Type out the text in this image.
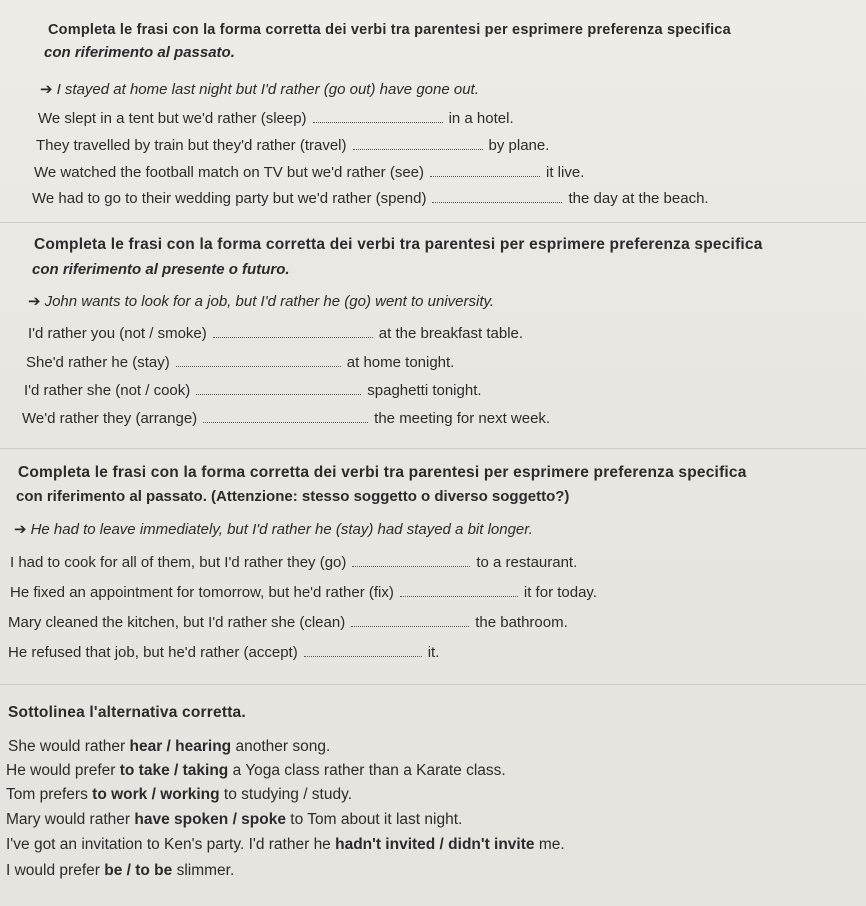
Completa le frasi con la forma corretta dei verbi tra parentesi per esprimere preferenza specifica
con riferimento al passato.
➔ I stayed at home last night but I'd rather (go out) have gone out.
We slept in a tent but we'd rather (sleep)	in a hotel.
They travelled by train but they'd rather (travel)	by plane.
We watched the football match on TV but we'd rather (see)	it live.
We had to go to their wedding party but we'd rather (spend)	the day at the beach.
Completa le frasi con la forma corretta dei verbi tra parentesi per esprimere preferenza specifica
con riferimento al presente o futuro.
➔ John wants to look for a job, but I'd rather he (go) went to university.
I'd rather you (not / smoke)	at the breakfast table.
She'd rather he (stay)	at home tonight.
I'd rather she (not / cook)	spaghetti tonight.
We'd rather they (arrange)	the meeting for next week.
Completa le frasi con la forma corretta dei verbi tra parentesi per esprimere preferenza specifica
con riferimento al passato. (Attenzione: stesso soggetto o diverso soggetto?)
➔ He had to leave immediately, but I'd rather he (stay) had stayed a bit longer.
I had to cook for all of them, but I'd rather they (go)	to a restaurant.
He fixed an appointment for tomorrow, but he'd rather (fix)	it for today.
Mary cleaned the kitchen, but I'd rather she (clean)	the bathroom.
He refused that job, but he'd rather (accept)	it.
Sottolinea l'alternativa corretta.
She would rather hear / hearing another song.
He would prefer to take / taking a Yoga class rather than a Karate class.
Tom prefers to work / working to studying / study.
Mary would rather have spoken / spoke to Tom about it last night.
I've got an invitation to Ken's party. I'd rather he hadn't invited / didn't invite me.
I would prefer be / to be slimmer.
